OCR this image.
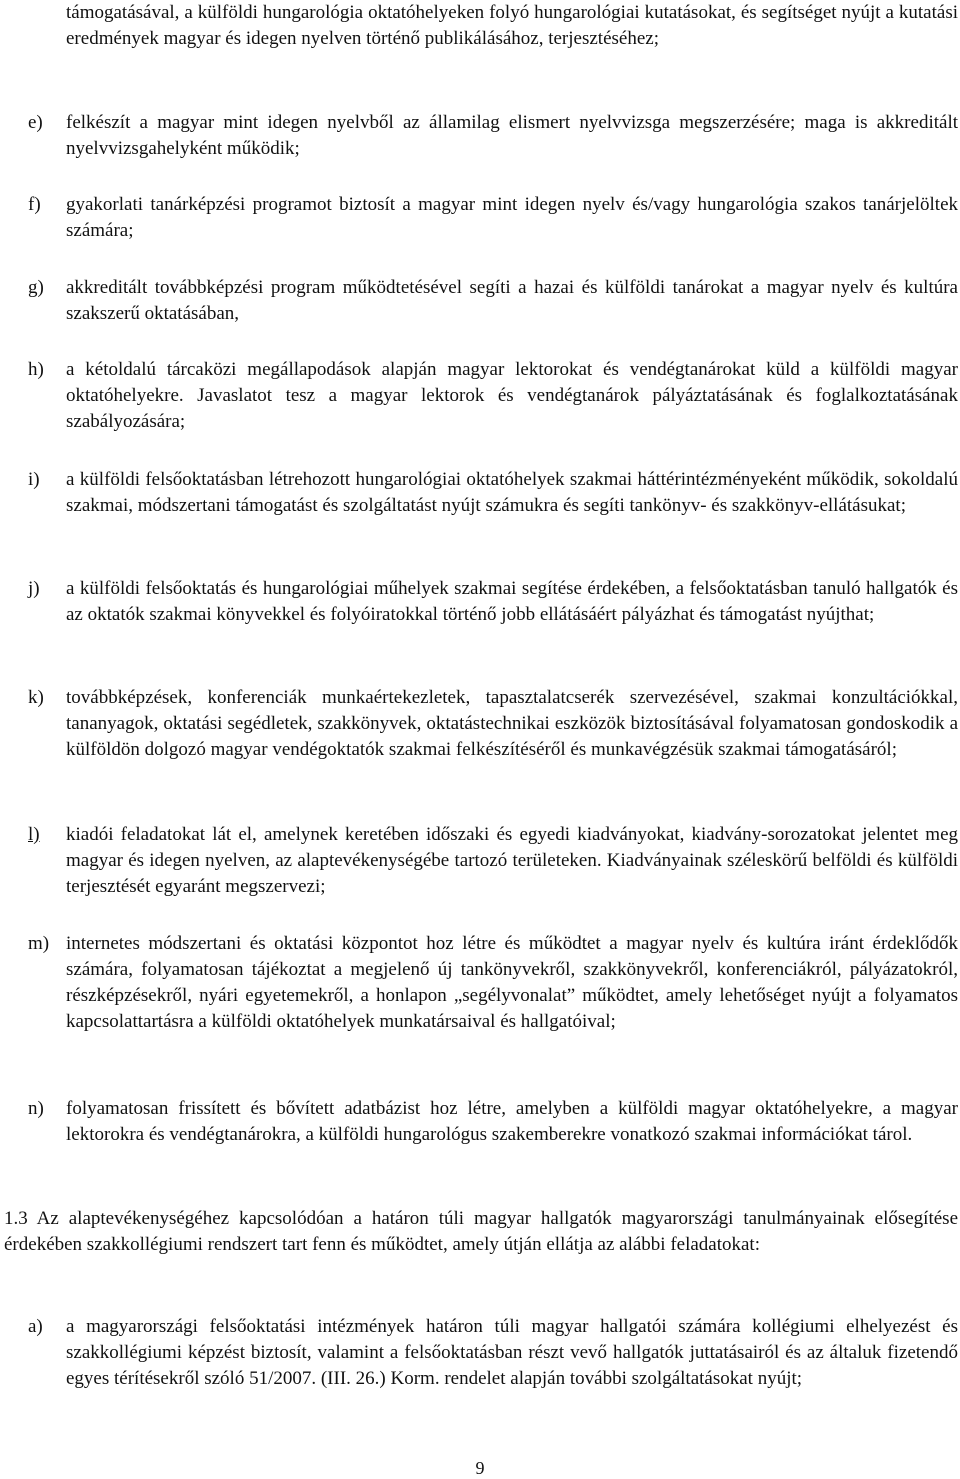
támogatásával, a külföldi hungarológia oktatóhelyeken folyó hungarológiai kutatásokat, és segítséget nyújt a kutatási eredmények magyar és idegen nyelven történő publikálásához, terjesztéséhez;
e) felkészít a magyar mint idegen nyelvből az államilag elismert nyelvvizsga megszerzésére; maga is akkreditált nyelvvizsgahelyként működik;
f) gyakorlati tanárképzési programot biztosít a magyar mint idegen nyelv és/vagy hungarológia szakos tanárjelöltek számára;
g) akkreditált továbbképzési program működtetésével segíti a hazai és külföldi tanárokat a magyar nyelv és kultúra szakszerű oktatásában,
h) a kétoldalú tárcaközi megállapodások alapján magyar lektorokat és vendégtanárokat küld a külföldi magyar oktatóhelyekre. Javaslatot tesz a magyar lektorok és vendégtanárok pályáztatásának és foglalkoztatásának szabályozására;
i) a külföldi felsőoktatásban létrehozott hungarológiai oktatóhelyek szakmai háttérintézményeként működik, sokoldalú szakmai, módszertani támogatást és szolgáltatást nyújt számukra és segíti tankönyv- és szakkönyv-ellátásukat;
j) a külföldi felsőoktatás és hungarológiai műhelyek szakmai segítése érdekében, a felsőoktatásban tanuló hallgatók és az oktatók szakmai könyvekkel és folyóiratokkal történő jobb ellátásáért pályázhat és támogatást nyújthat;
k) továbbképzések, konferenciák munkaértekezletek, tapasztalatcserék szervezésével, szakmai konzultációkkal, tananyagok, oktatási segédletek, szakkönyvek, oktatástechnikai eszközök biztosításával folyamatosan gondoskodik a külföldön dolgozó magyar vendégoktatók szakmai felkészítéséről és munkavégzésük szakmai támogatásáról;
l) kiadói feladatokat lát el, amelynek keretében időszaki és egyedi kiadványokat, kiadvány-sorozatokat jelentet meg magyar és idegen nyelven, az alaptevékenységébe tartozó területeken. Kiadványainak széleskörű belföldi és külföldi terjesztését egyaránt megszervezi;
m) internetes módszertani és oktatási központot hoz létre és működtet a magyar nyelv és kultúra iránt érdeklődők számára, folyamatosan tájékoztat a megjelenő új tankönyvekről, szakkönyvekről, konferenciákról, pályázatokról, részképzésekről, nyári egyetemekről, a honlapon „segélyvonalat” működtet, amely lehetőséget nyújt a folyamatos kapcsolattartásra a külföldi oktatóhelyek munkatársaival és hallgatóival;
n) folyamatosan frissített és bővített adatbázist hoz létre, amelyben a külföldi magyar oktatóhelyekre, a magyar lektorokra és vendégtanárokra, a külföldi hungarológus szakemberekre vonatkozó szakmai információkat tárol.
1.3 Az alaptevékenységéhez kapcsolódóan a határon túli magyar hallgatók magyarországi tanulmányainak elősegítése érdekében szakkollégiumi rendszert tart fenn és működtet, amely útján ellátja az alábbi feladatokat:
a) a magyarországi felsőoktatási intézmények határon túli magyar hallgatói számára kollégiumi elhelyezést és szakkollégiumi képzést biztosít, valamint a felsőoktatásban részt vevő hallgatók juttatásairól és az általuk fizetendő egyes térítésekről szóló 51/2007. (III. 26.) Korm. rendelet alapján további szolgáltatásokat nyújt;
9
